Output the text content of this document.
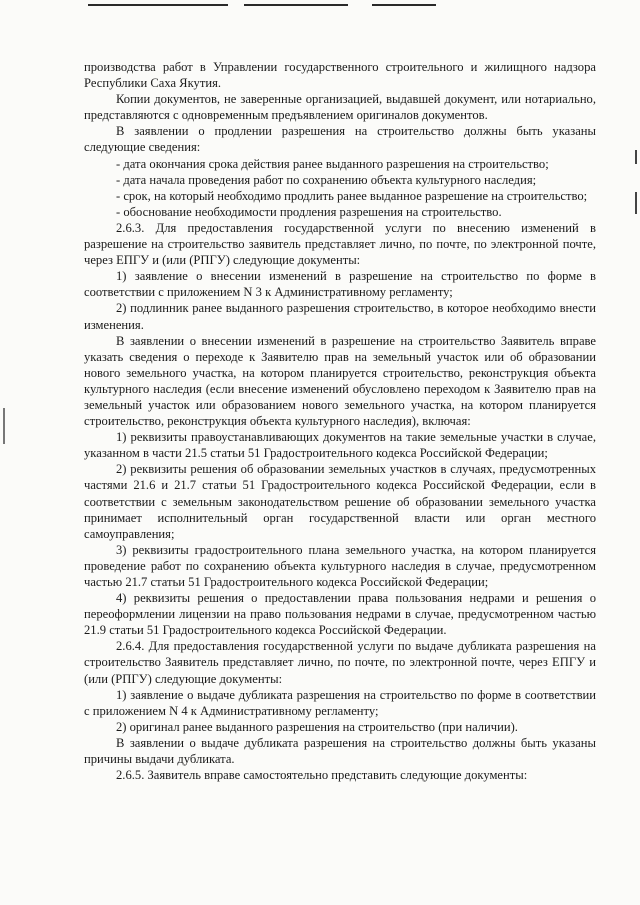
производства работ в Управлении государственного строительного и жилищного надзора Республики Саха Якутия.

Копии документов, не заверенные организацией, выдавшей документ, или нотариально, представляются с одновременным предъявлением оригиналов документов.

В заявлении о продлении разрешения на строительство должны быть указаны следующие сведения:

- дата окончания срока действия ранее выданного разрешения на строительство;

- дата начала проведения работ по сохранению объекта культурного наследия;

- срок, на который необходимо продлить ранее выданное разрешение на строительство;

- обоснование необходимости продления разрешения на строительство.

2.6.3. Для предоставления государственной услуги по внесению изменений в разрешение на строительство заявитель представляет лично, по почте, по электронной почте, через ЕПГУ и (или (РПГУ) следующие документы:

1) заявление о внесении изменений в разрешение на строительство по форме в соответствии с приложением N 3 к Административному регламенту;

2) подлинник ранее выданного разрешения строительство, в которое необходимо внести изменения.

В заявлении о внесении изменений в разрешение на строительство Заявитель вправе указать сведения о переходе к Заявителю прав на земельный участок или об образовании нового земельного участка, на котором планируется строительство, реконструкция объекта культурного наследия (если внесение изменений обусловлено переходом к Заявителю прав на земельный участок или образованием нового земельного участка, на котором планируется строительство, реконструкция объекта культурного наследия), включая:

1) реквизиты правоустанавливающих документов на такие земельные участки в случае, указанном в части 21.5 статьи 51 Градостроительного кодекса Российской Федерации;

2) реквизиты решения об образовании земельных участков в случаях, предусмотренных частями 21.6 и 21.7 статьи 51 Градостроительного кодекса Российской Федерации, если в соответствии с земельным законодательством решение об образовании земельного участка принимает исполнительный орган государственной власти или орган местного самоуправления;

3) реквизиты градостроительного плана земельного участка, на котором планируется проведение работ по сохранению объекта культурного наследия в случае, предусмотренном частью 21.7 статьи 51 Градостроительного кодекса Российской Федерации;

4) реквизиты решения о предоставлении права пользования недрами и решения о переоформлении лицензии на право пользования недрами в случае, предусмотренном частью 21.9 статьи 51 Градостроительного кодекса Российской Федерации.

2.6.4. Для предоставления государственной услуги по выдаче дубликата разрешения на строительство Заявитель представляет лично, по почте, по электронной почте, через ЕПГУ и (или (РПГУ) следующие документы:

1) заявление о выдаче дубликата разрешения на строительство по форме в соответствии с приложением N 4 к Административному регламенту;

2) оригинал ранее выданного разрешения на строительство (при наличии).

В заявлении о выдаче дубликата разрешения на строительство должны быть указаны причины выдачи дубликата.

2.6.5. Заявитель вправе самостоятельно представить следующие документы:
